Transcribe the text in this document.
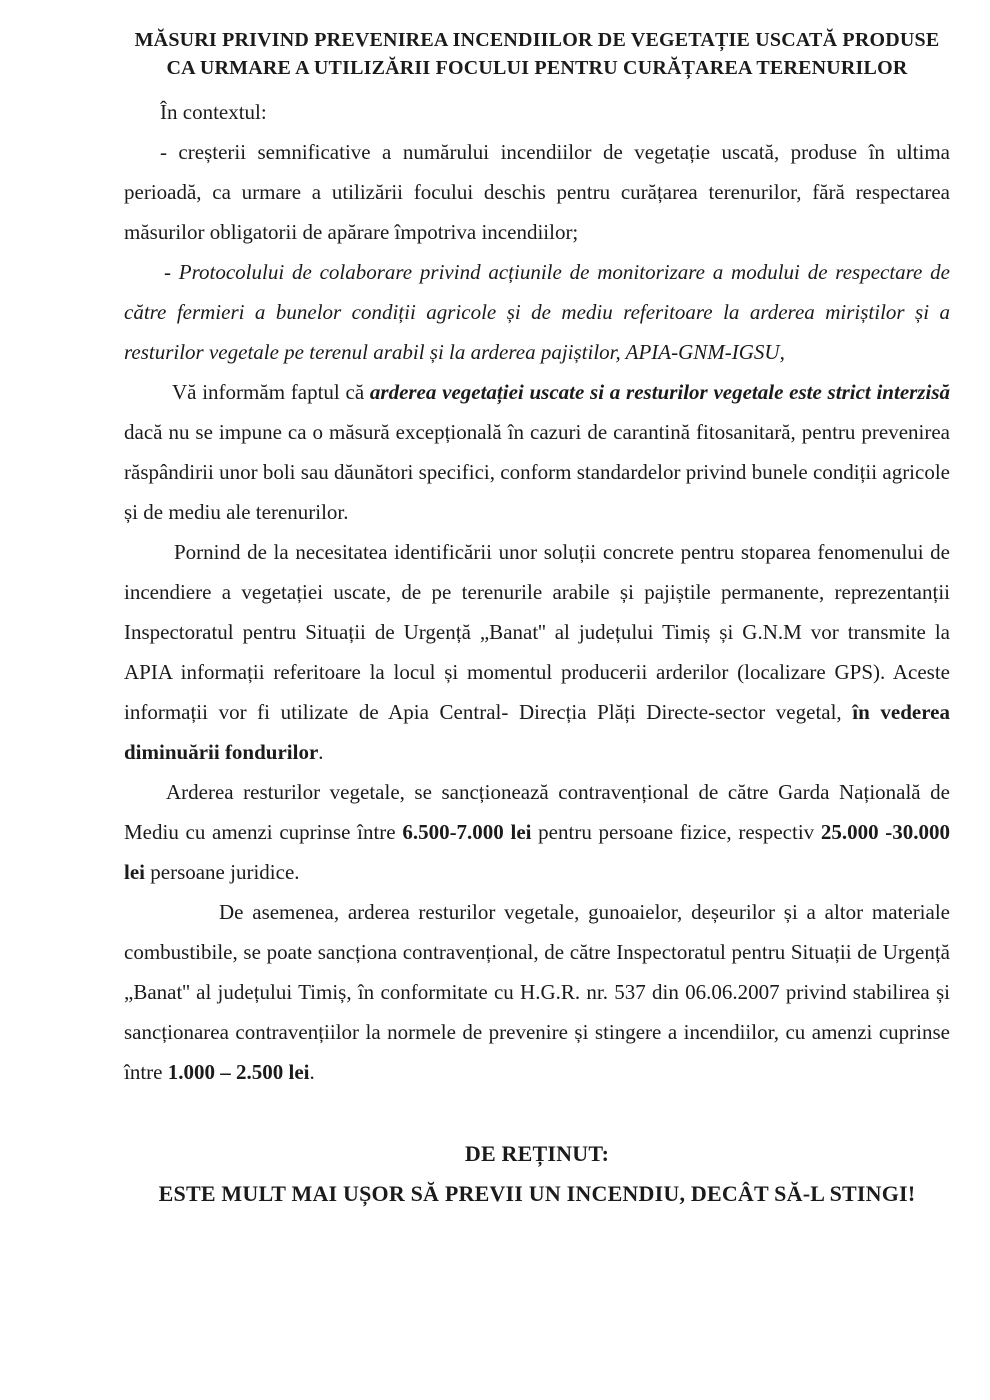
MĂSURI PRIVIND PREVENIREA INCENDIILOR DE VEGETAȚIE USCATĂ PRODUSE
CA URMARE A UTILIZĂRII FOCULUI PENTRU CURĂȚAREA TERENURILOR

În contextul:

- creșterii semnificative a numărului incendiilor de vegetație uscată, produse în ultima perioadă, ca urmare a utilizării focului deschis pentru curățarea terenurilor, fără respectarea măsurilor obligatorii de apărare împotriva incendiilor;

- Protocolului de colaborare privind acțiunile de monitorizare a modului de respectare de către fermieri a bunelor condiții agricole și de mediu referitoare la arderea miriștilor și a resturilor vegetale pe terenul arabil și la arderea pajiștilor, APIA-GNM-IGSU,

Vă informăm faptul că arderea vegetației uscate si a resturilor vegetale este strict interzisă dacă nu se impune ca o măsură excepțională în cazuri de carantină fitosanitară, pentru prevenirea răspândirii unor boli sau dăunători specifici, conform standardelor privind bunele condiții agricole și de mediu ale terenurilor.

Pornind de la necesitatea identificării unor soluții concrete pentru stoparea fenomenului de incendiere a vegetației uscate, de pe terenurile arabile și pajiștile permanente, reprezentanții Inspectoratul pentru Situații de Urgență „Banat'' al județului Timiș și G.N.M vor transmite la APIA informații referitoare la locul și momentul producerii arderilor (localizare GPS). Aceste informații vor fi utilizate de Apia Central- Direcția Plăți Directe-sector vegetal, în vederea diminuării fondurilor.

Arderea resturilor vegetale, se sancționează contravențional de către Garda Națională de Mediu cu amenzi cuprinse între 6.500-7.000 lei pentru persoane fizice, respectiv 25.000 -30.000 lei persoane juridice.

De asemenea, arderea resturilor vegetale, gunoaielor, deșeurilor și a altor materiale combustibile, se poate sancționa contravențional, de către Inspectoratul pentru Situații de Urgență „Banat'' al județului Timiș, în conformitate cu H.G.R. nr. 537 din 06.06.2007 privind stabilirea și sancționarea contravențiilor la normele de prevenire și stingere a incendiilor, cu amenzi cuprinse între 1.000 – 2.500 lei.

DE REȚINUT:

ESTE MULT MAI UȘOR SĂ PREVII UN INCENDIU, DECÂT SĂ-L STINGI!
